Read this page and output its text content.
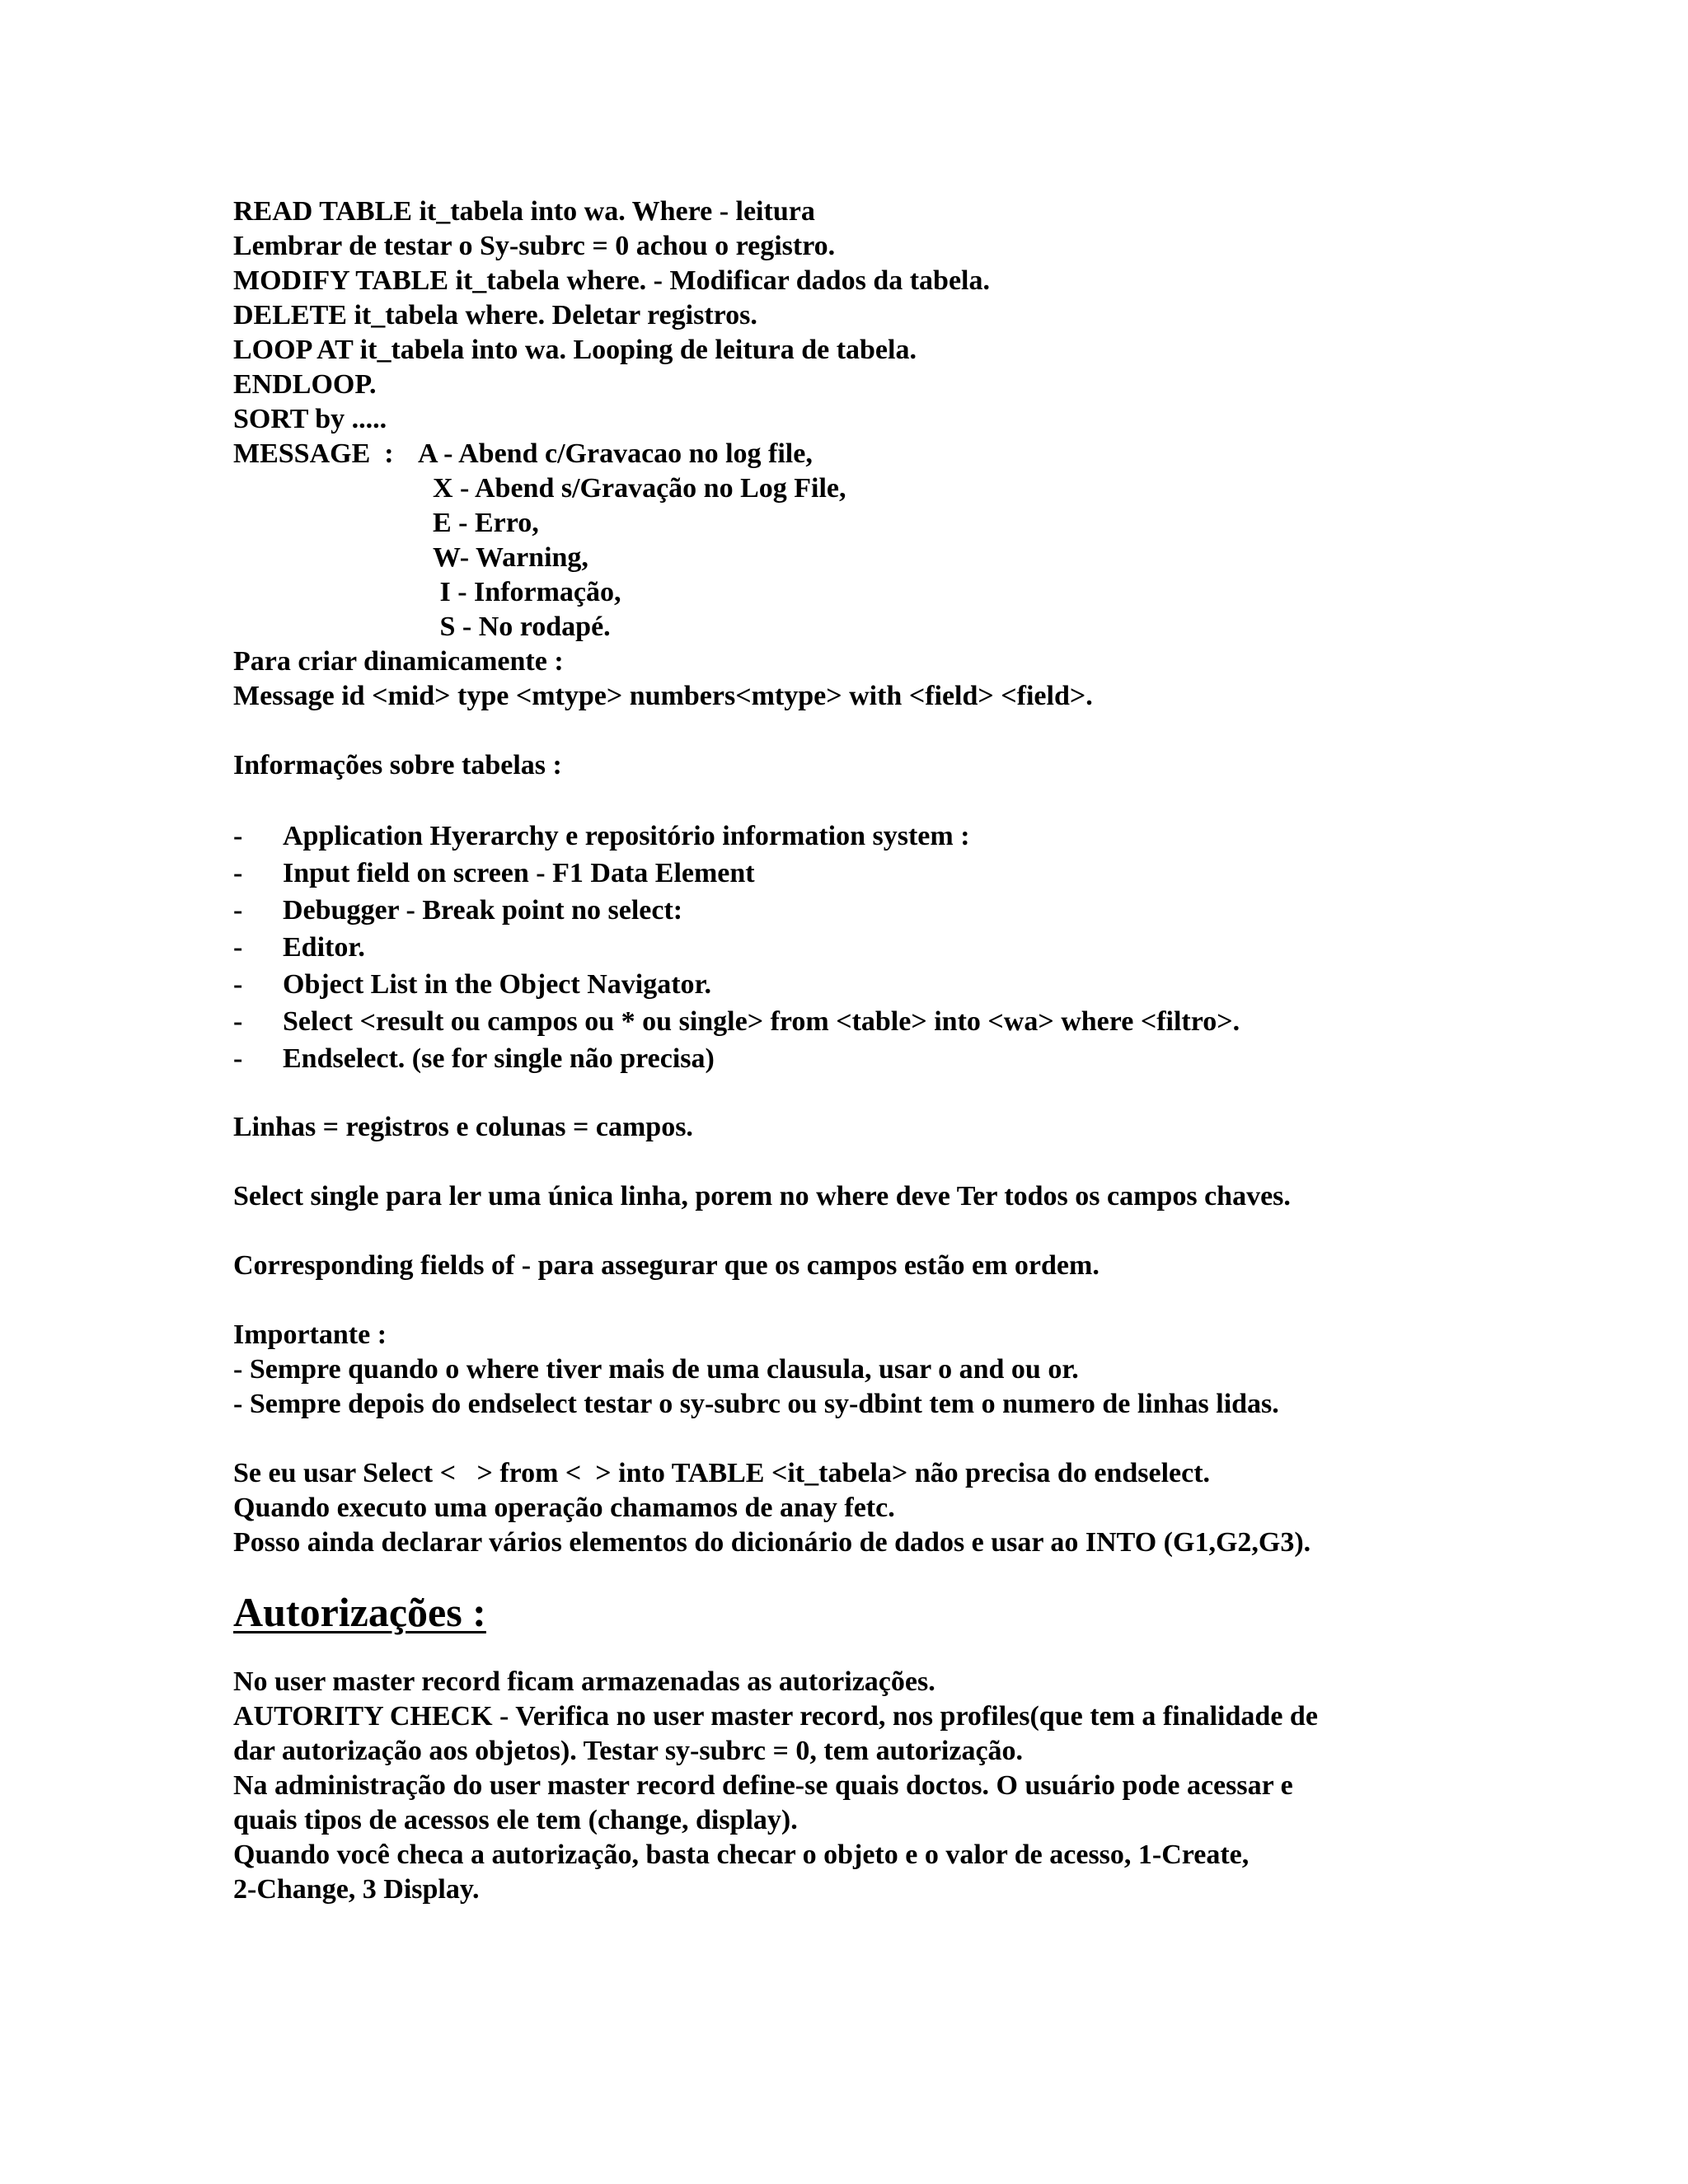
READ TABLE it_tabela into wa. Where - leitura

Lembrar de testar o Sy-subrc = 0 achou o registro.

MODIFY TABLE it_tabela where. - Modificar dados da tabela.

DELETE it_tabela where. Deletar registros.

LOOP AT it_tabela into wa. Looping de leitura de tabela.

ENDLOOP.

SORT by .....

MESSAGE  : A - Abend c/Gravacao no log file,

X - Abend s/Gravação no Log File,

E - Erro,

W- Warning,

I - Informação,

S - No rodapé.

Para criar dinamicamente :

Message id <mid> type <mtype> numbers<mtype> with <field> <field>.

Informações sobre tabelas :

- Application Hyerarchy e repositório information system :

- Input field on screen - F1 Data Element

- Debugger - Break point no select:

- Editor.

- Object List in the Object Navigator.

- Select <result ou campos ou * ou single> from <table> into <wa> where <filtro>.

- Endselect. (se for single não precisa)

Linhas = registros e colunas = campos.

Select single para ler uma única linha, porem no where deve Ter todos os campos chaves.

Corresponding fields of - para assegurar que os campos estão em ordem.

Importante :

- Sempre quando o where tiver mais de uma clausula, usar o and ou or.

- Sempre depois do endselect testar o sy-subrc ou sy-dbint tem o numero de linhas lidas.

Se eu usar Select <   > from <  > into TABLE <it_tabela> não precisa do endselect.

Quando executo uma operação chamamos de anay fetc.

Posso ainda declarar vários elementos do dicionário de dados e usar ao INTO (G1,G2,G3).

Autorizações :

No user master record ficam armazenadas as autorizações.

AUTORITY CHECK - Verifica no user master record, nos profiles(que tem a finalidade de

dar autorização aos objetos). Testar sy-subrc = 0, tem autorização.

Na administração do user master record define-se quais doctos. O usuário pode acessar e

quais tipos de acessos ele tem (change, display).

Quando você checa a autorização, basta checar o objeto e o valor de acesso, 1-Create,

2-Change, 3 Display.
